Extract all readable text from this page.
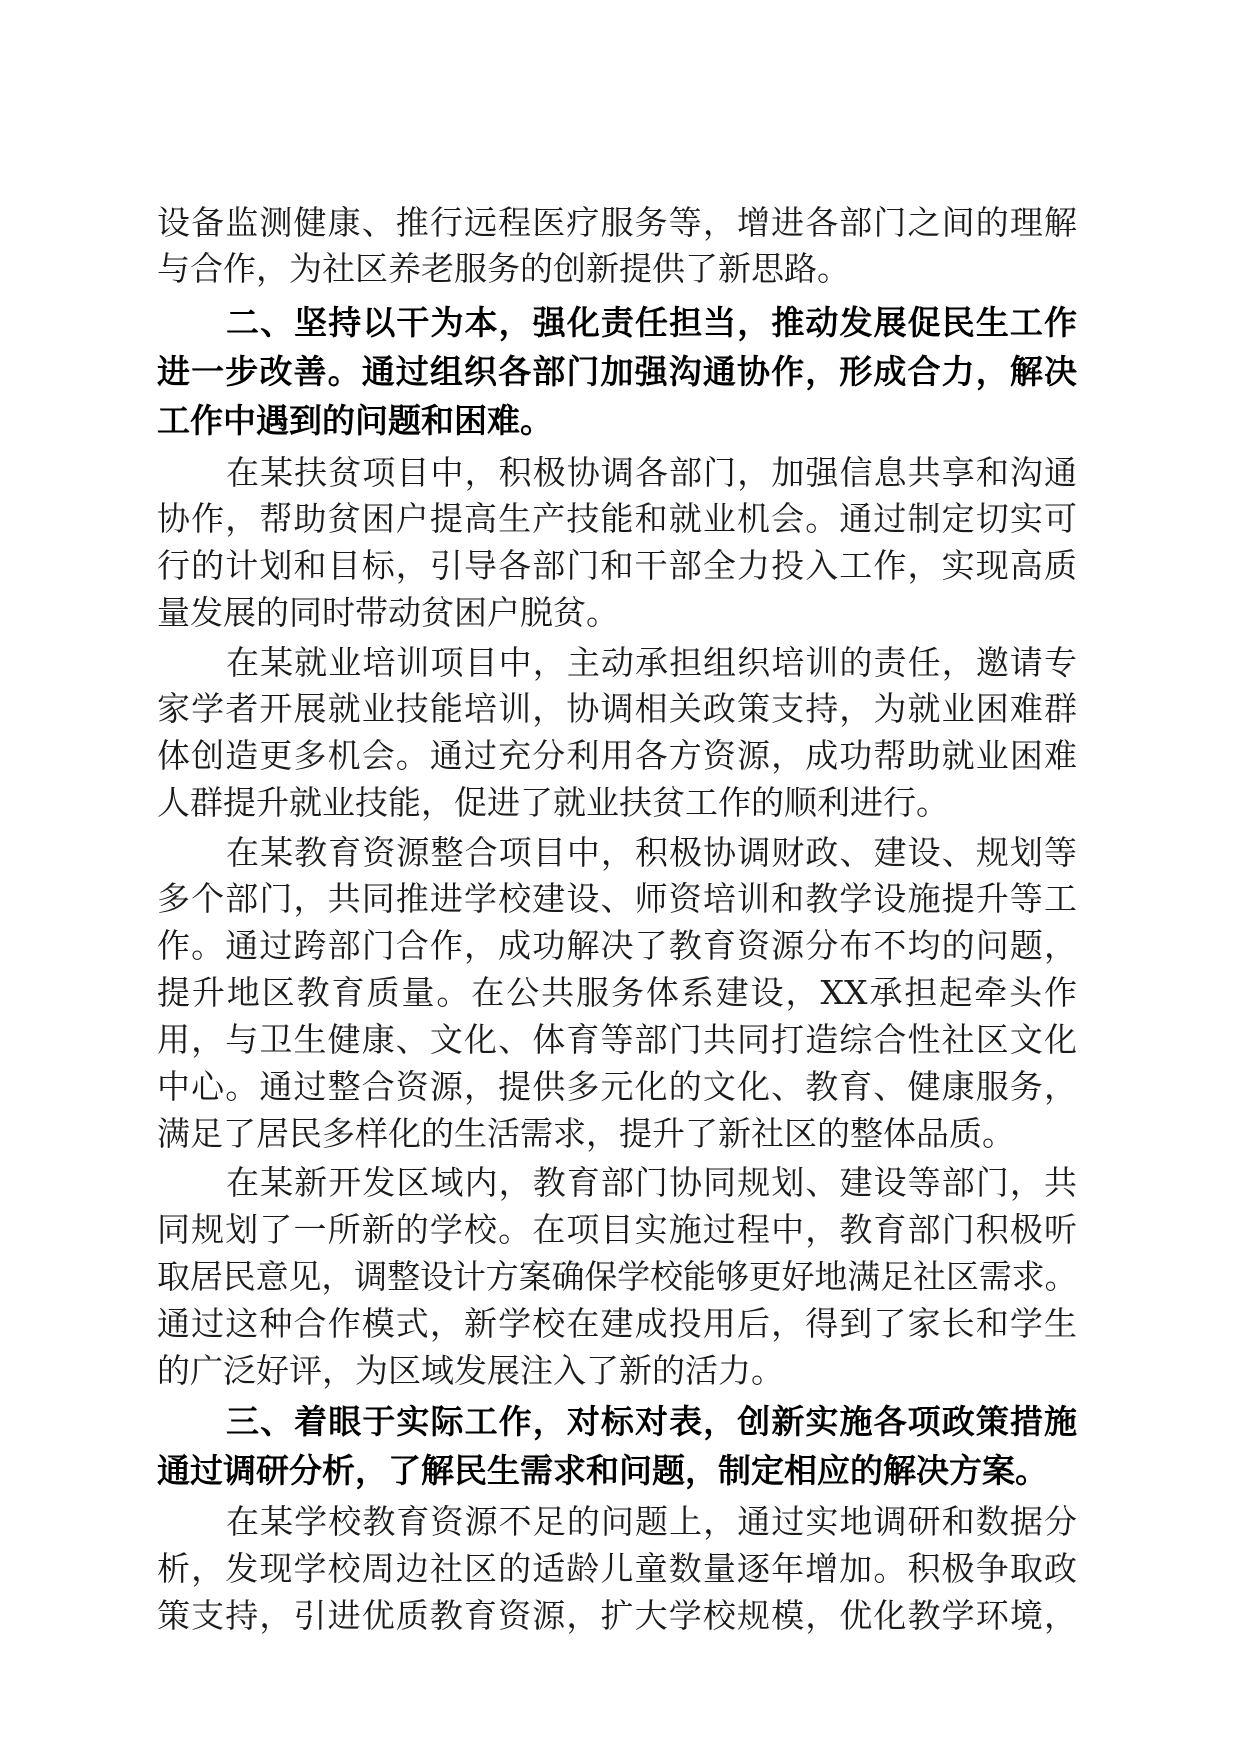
设备监测健康、推行远程医疗服务等，增进各部门之间的理解
与合作，为社区养老服务的创新提供了新思路。
二、坚持以干为本，强化责任担当，推动发展促民生工作
进一步改善。通过组织各部门加强沟通协作，形成合力，解决
工作中遇到的问题和困难。
在某扶贫项目中，积极协调各部门，加强信息共享和沟通
协作，帮助贫困户提高生产技能和就业机会。通过制定切实可
行的计划和目标，引导各部门和干部全力投入工作，实现高质
量发展的同时带动贫困户脱贫。
在某就业培训项目中，主动承担组织培训的责任，邀请专
家学者开展就业技能培训，协调相关政策支持，为就业困难群
体创造更多机会。通过充分利用各方资源，成功帮助就业困难
人群提升就业技能，促进了就业扶贫工作的顺利进行。
在某教育资源整合项目中，积极协调财政、建设、规划等
多个部门，共同推进学校建设、师资培训和教学设施提升等工
作。通过跨部门合作，成功解决了教育资源分布不均的问题，
提升地区教育质量。在公共服务体系建设，XX承担起牵头作
用，与卫生健康、文化、体育等部门共同打造综合性社区文化
中心。通过整合资源，提供多元化的文化、教育、健康服务，
满足了居民多样化的生活需求，提升了新社区的整体品质。
在某新开发区域内，教育部门协同规划、建设等部门，共
同规划了一所新的学校。在项目实施过程中，教育部门积极听
取居民意见，调整设计方案确保学校能够更好地满足社区需求。
通过这种合作模式，新学校在建成投用后，得到了家长和学生
的广泛好评，为区域发展注入了新的活力。
三、着眼于实际工作，对标对表，创新实施各项政策措施
通过调研分析，了解民生需求和问题，制定相应的解决方案。
在某学校教育资源不足的问题上，通过实地调研和数据分
析，发现学校周边社区的适龄儿童数量逐年增加。积极争取政
策支持，引进优质教育资源，扩大学校规模，优化教学环境，
